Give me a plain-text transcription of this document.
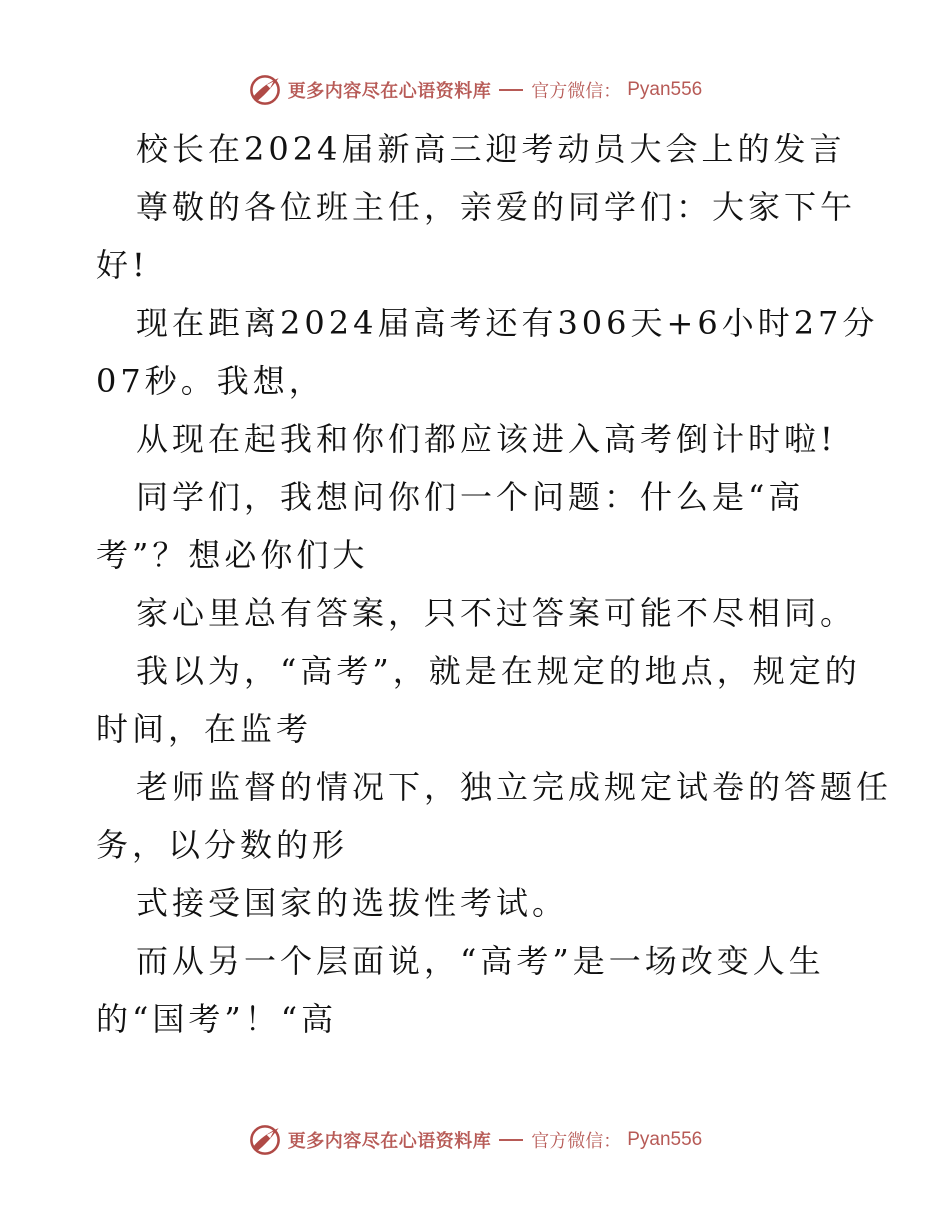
更多内容尽在心语资料库 官方微信： Pyan556
校长在2024届新高三迎考动员大会上的发言
尊敬的各位班主任，亲爱的同学们：大家下午
好!
现在距离2024届高考还有306天+6小时27分
07秒。我想，
从现在起我和你们都应该进入高考倒计时啦!
同学们，我想问你们一个问题：什么是“高
考”？想必你们大
家心里总有答案，只不过答案可能不尽相同。
我以为，“高考”，就是在规定的地点，规定的
时间，在监考
老师监督的情况下，独立完成规定试卷的答题任
务，以分数的形
式接受国家的选拔性考试。
而从另一个层面说，“高考”是一场改变人生
的“国考”！“高
更多内容尽在心语资料库 官方微信： Pyan556
